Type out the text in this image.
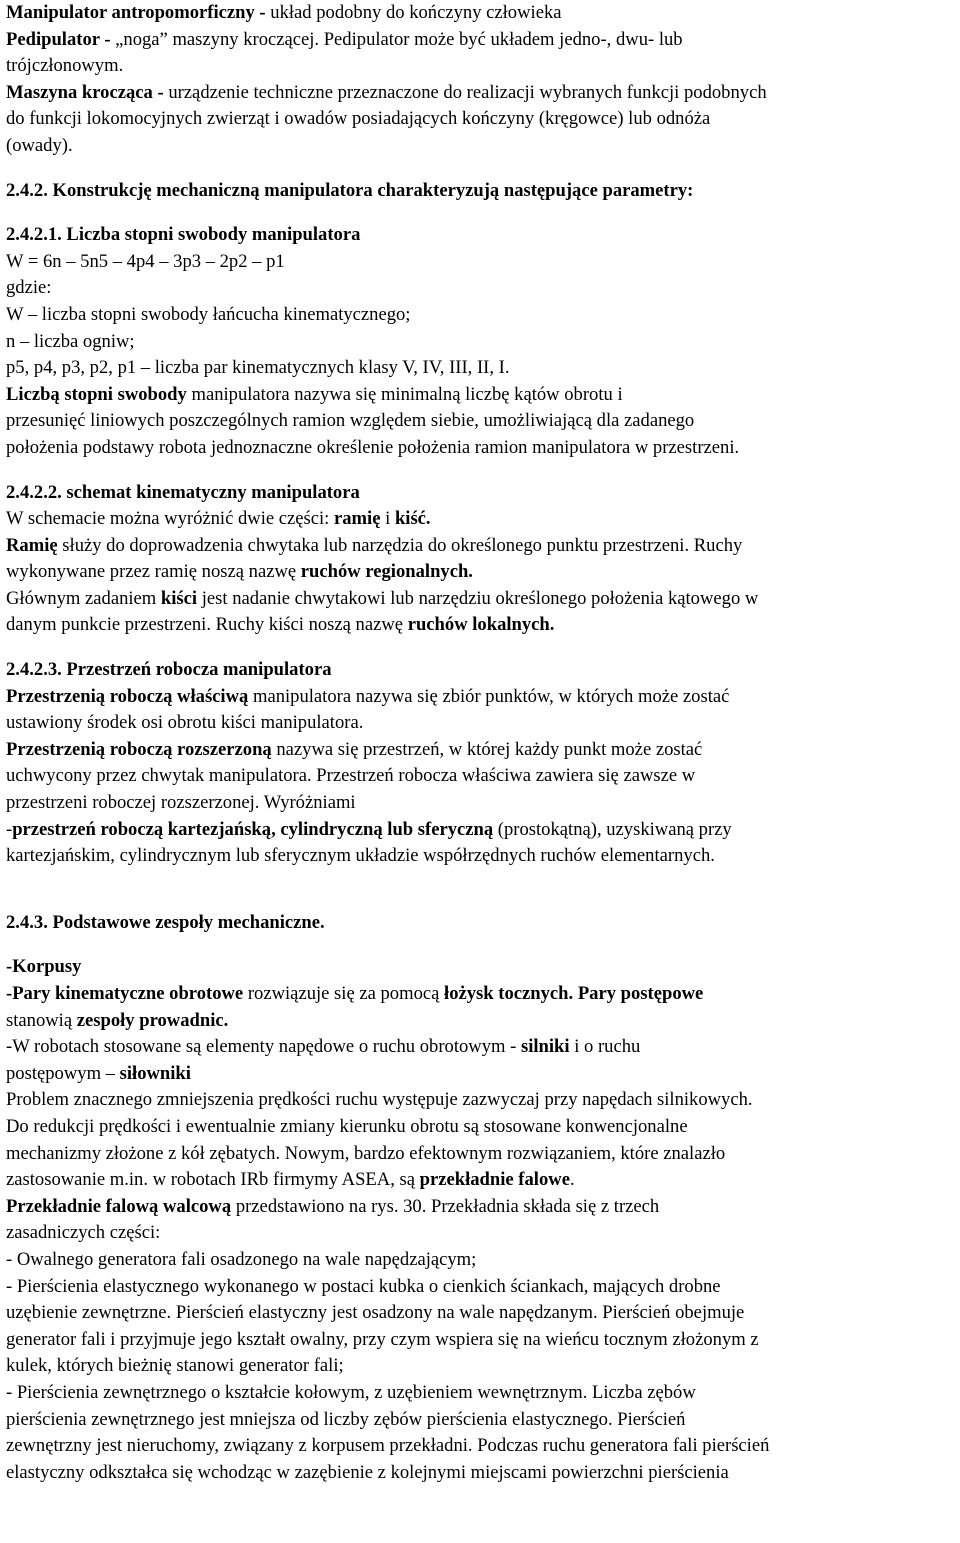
Manipulator antropomorficzny - układ podobny do kończyny człowieka
Pedipulator - „noga” maszyny kroczącej. Pedipulator może być układem jedno-, dwu- lub
trójczłonowym.
Maszyna krocząca - urządzenie techniczne przeznaczone do realizacji wybranych funkcji podobnych
do funkcji lokomocyjnych zwierząt i owadów posiadających kończyny (kręgowce) lub odnóża
(owady).
2.4.2. Konstrukcję mechaniczną manipulatora charakteryzują następujące parametry:
2.4.2.1. Liczba stopni swobody manipulatora
W = 6n – 5n5 – 4p4 – 3p3 – 2p2 – p1
gdzie:
W – liczba stopni swobody łańcucha kinematycznego;
n – liczba ogniw;
p5, p4, p3, p2, p1 – liczba par kinematycznych klasy V, IV, III, II, I.
Liczbą stopni swobody manipulatora nazywa się minimalną liczbę kątów obrotu i
przesunięć liniowych poszczególnych ramion względem siebie, umożliwiającą dla zadanego
położenia podstawy robota jednoznaczne określenie położenia ramion manipulatora w przestrzeni.
2.4.2.2. schemat kinematyczny manipulatora
W schemacie można wyróżnić dwie części: ramię i kiść.
Ramię służy do doprowadzenia chwytaka lub narzędzia do określonego punktu przestrzeni. Ruchy
wykonywane przez ramię noszą nazwę ruchów regionalnych.
Głównym zadaniem kiści jest nadanie chwytakowi lub narzędziu określonego położenia kątowego w
danym punkcie przestrzeni. Ruchy kiści noszą nazwę ruchów lokalnych.
2.4.2.3. Przestrzeń robocza manipulatora
Przestrzenią roboczą właściwą manipulatora nazywa się zbiór punktów, w których może zostać
ustawiony środek osi obrotu kiści manipulatora.
Przestrzenią roboczą rozszerzoną nazywa się przestrzeń, w której każdy punkt może zostać
uchwycony przez chwytak manipulatora. Przestrzeń robocza właściwa zawiera się zawsze w
przestrzeni roboczej rozszerzonej. Wyróżniami
-przestrzeń roboczą kartezjańską, cylindryczną lub sferyczną (prostokątną), uzyskiwaną przy
kartezjańskim, cylindrycznym lub sferycznym układzie współrzędnych ruchów elementarnych.
2.4.3. Podstawowe zespoły mechaniczne.
-Korpusy
-Pary kinematyczne obrotowe rozwiązuje się za pomocą łożysk tocznych. Pary postępowe
stanowią zespoły prowadnic.
-W robotach stosowane są elementy napędowe o ruchu obrotowym - silniki i o ruchu
postępowym – siłowniki
Problem znacznego zmniejszenia prędkości ruchu występuje zazwyczaj przy napędach silnikowych.
Do redukcji prędkości i ewentualnie zmiany kierunku obrotu są stosowane konwencjonalne
mechanizmy złożone z kół zębatych. Nowym, bardzo efektownym rozwiązaniem, które znalazło
zastosowanie m.in. w robotach IRb firmymy ASEA, są przekładnie falowe.
Przekładnie falową walcową przedstawiono na rys. 30. Przekładnia składa się z trzech
zasadniczych części:
- Owalnego generatora fali osadzonego na wale napędzającym;
- Pierścienia elastycznego wykonanego w postaci kubka o cienkich ściankach, mających drobne
uzębienie zewnętrzne. Pierścień elastyczny jest osadzony na wale napędzanym. Pierścień obejmuje
generator fali i przyjmuje jego kształt owalny, przy czym wspiera się na wieńcu tocznym złożonym z
kulek, których bieżnię stanowi generator fali;
- Pierścienia zewnętrznego o kształcie kołowym, z uzębieniem wewnętrznym. Liczba zębów
pierścienia zewnętrznego jest mniejsza od liczby zębów pierścienia elastycznego. Pierścień
zewnętrzny jest nieruchomy, związany z korpusem przekładni. Podczas ruchu generatora fali pierścień
elastyczny odkształca się wchodząc w zazębienie z kolejnymi miejscami powierzchni pierścienia
